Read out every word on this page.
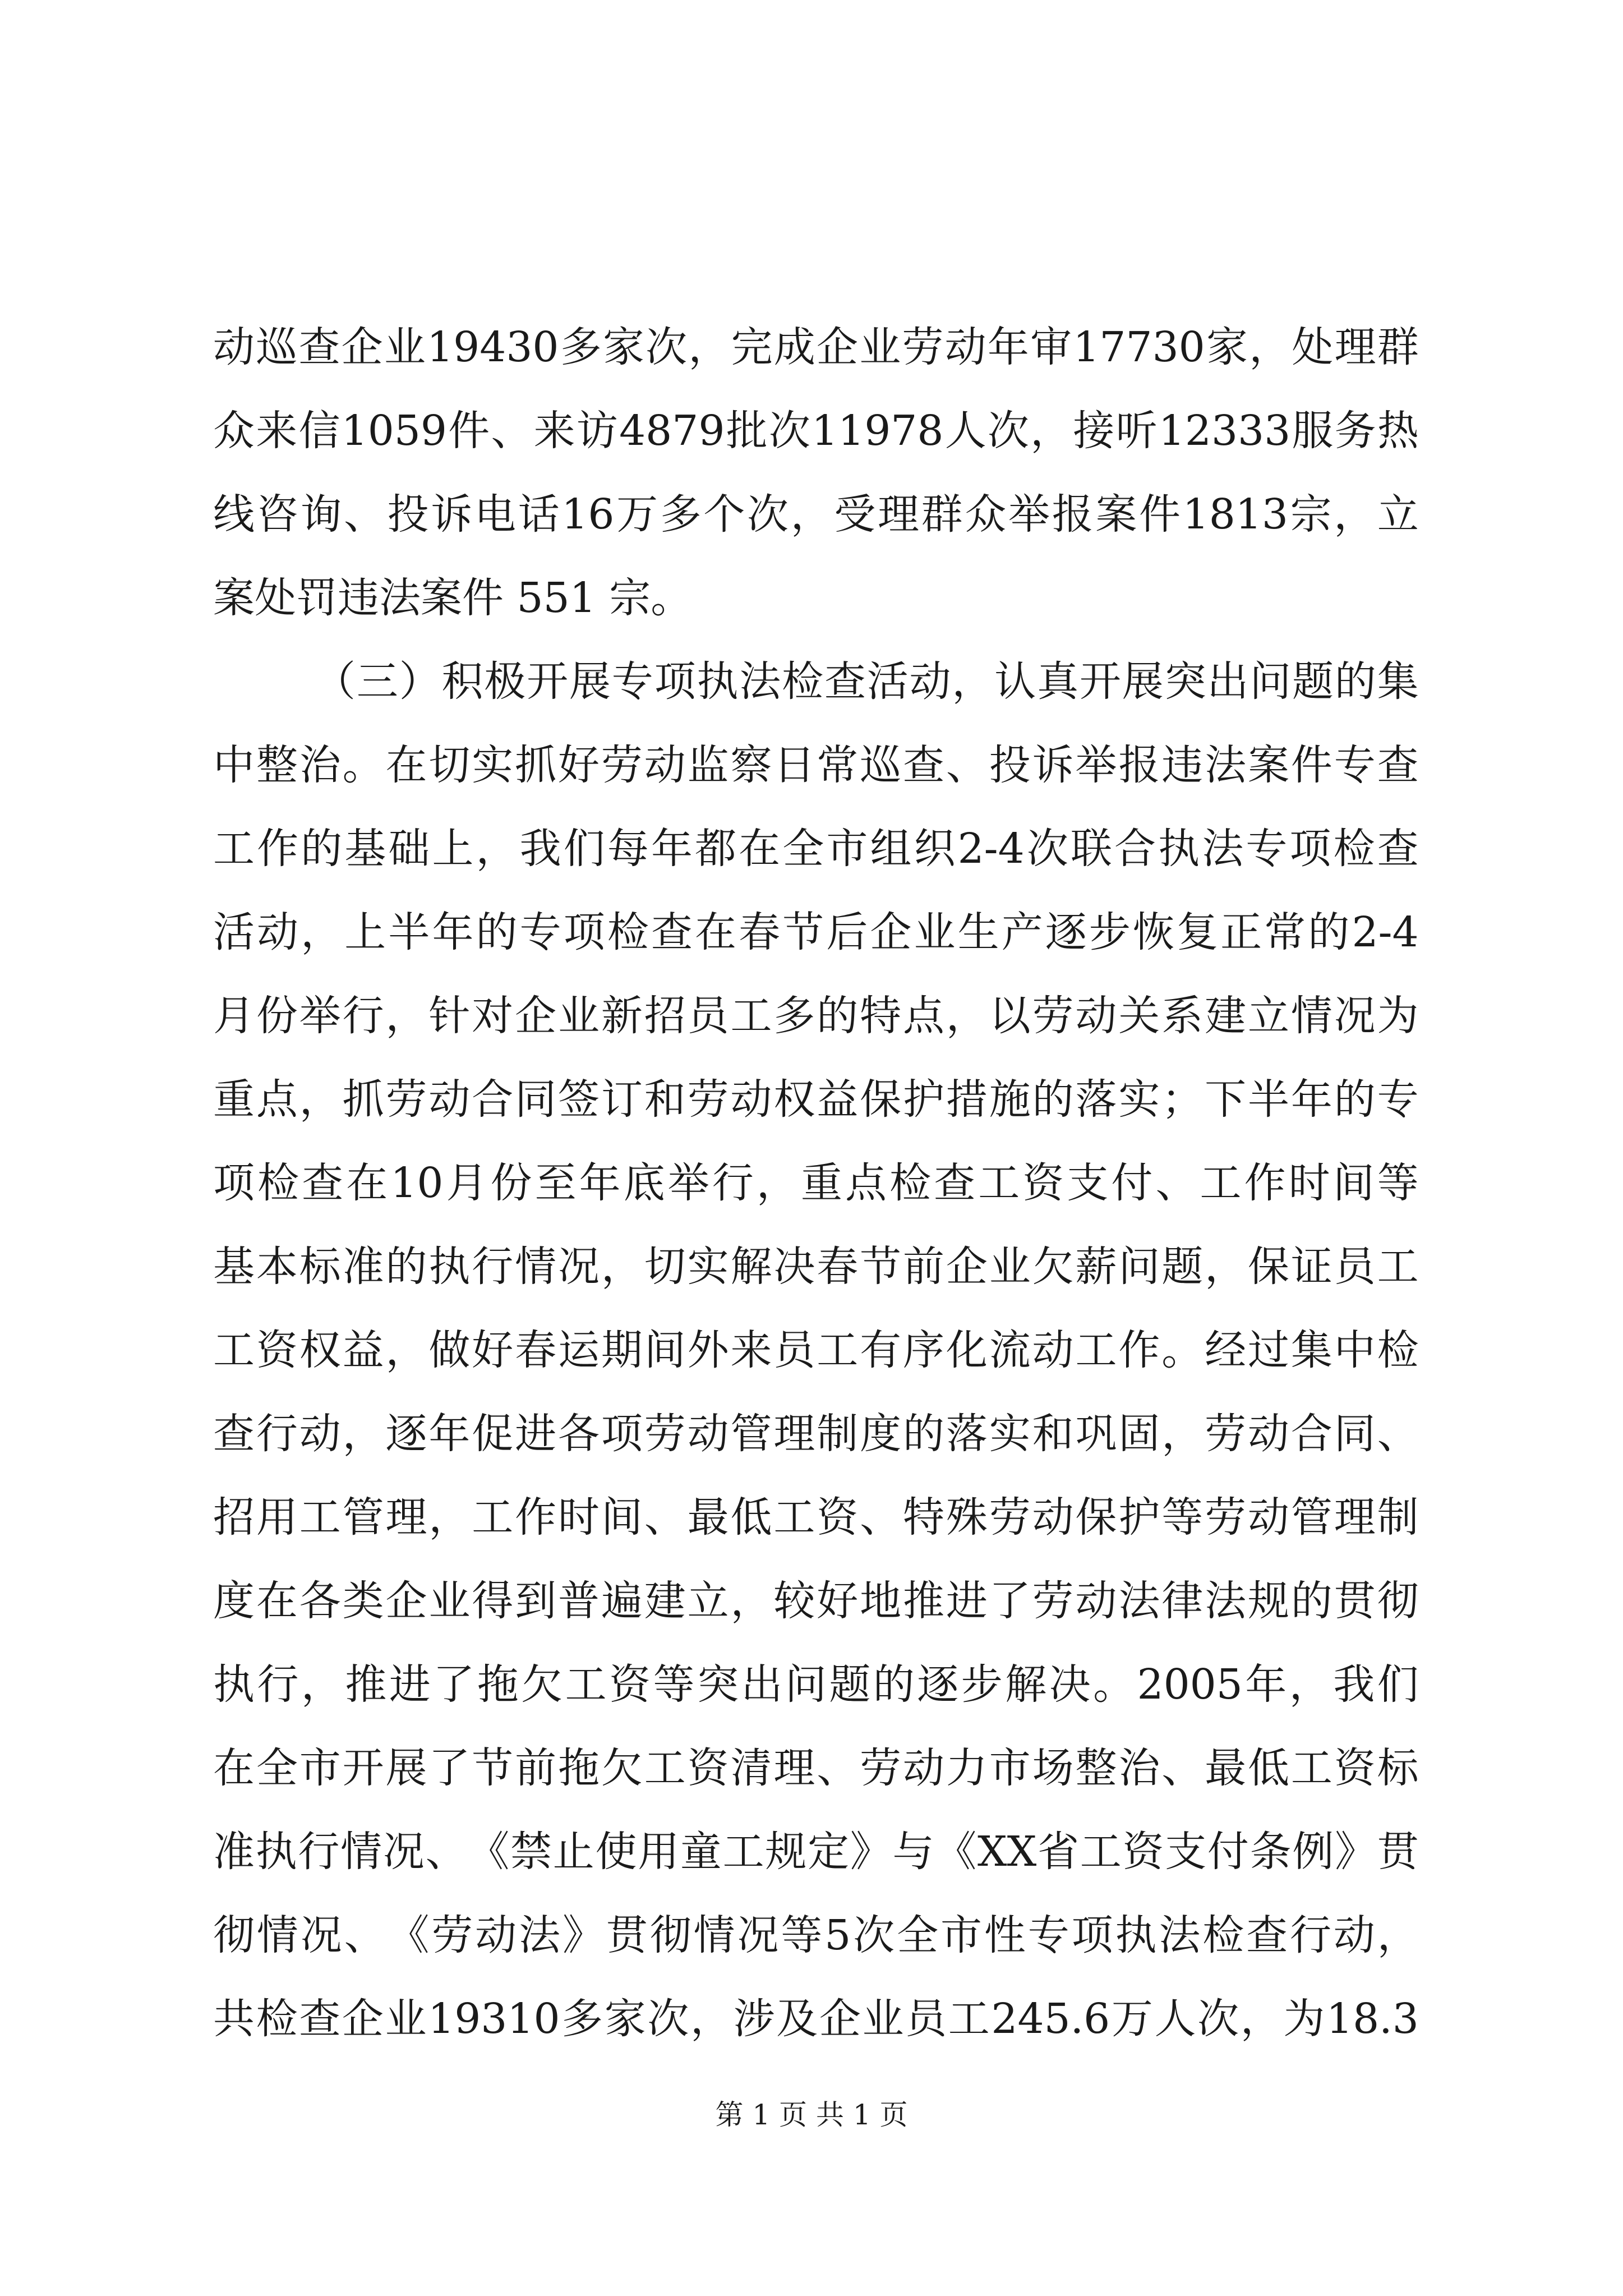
动 巡 查 企 业 19430 多 家 次 ， 完 成 企 业 劳 动 年 审 17730 家 ， 处 理 群
众 来 信 1059 件 、 来 访 4879 批 次 11978 人 次 ， 接 听 12333 服 务 热
线 咨 询 、 投 诉 电 话 16 万 多 个 次 ， 受 理 群 众 举 报 案 件 1813 宗 ， 立
案处罚违法案件 551 宗。
（ 三 ） 积 极 开 展 专 项 执 法 检 查 活 动 ， 认 真 开 展 突 出 问 题 的 集
中 整 治 。 在 切 实 抓 好 劳 动 监 察 日 常 巡 查 、 投 诉 举 报 违 法 案 件 专 查
工 作 的 基 础 上 ， 我 们 每 年 都 在 全 市 组 织 2-4 次 联 合 执 法 专 项 检 查
活 动 ， 上 半 年 的 专 项 检 查 在 春 节 后 企 业 生 产 逐 步 恢 复 正 常 的 2-4
月 份 举 行 ， 针 对 企 业 新 招 员 工 多 的 特 点 ， 以 劳 动 关 系 建 立 情 况 为
重 点 ， 抓 劳 动 合 同 签 订 和 劳 动 权 益 保 护 措 施 的 落 实 ； 下 半 年 的 专
项 检 查 在 10 月 份 至 年 底 举 行 ， 重 点 检 查 工 资 支 付 、 工 作 时 间 等
基 本 标 准 的 执 行 情 况 ， 切 实 解 决 春 节 前 企 业 欠 薪 问 题 ， 保 证 员 工
工 资 权 益 ， 做 好 春 运 期 间 外 来 员 工 有 序 化 流 动 工 作 。 经 过 集 中 检
查 行 动 ， 逐 年 促 进 各 项 劳 动 管 理 制 度 的 落 实 和 巩 固 ， 劳 动 合 同 、
招 用 工 管 理 ， 工 作 时 间 、 最 低 工 资 、 特 殊 劳 动 保 护 等 劳 动 管 理 制
度 在 各 类 企 业 得 到 普 遍 建 立 ， 较 好 地 推 进 了 劳 动 法 律 法 规 的 贯 彻
执 行 ， 推 进 了 拖 欠 工 资 等 突 出 问 题 的 逐 步 解 决 。 2005 年 ， 我 们
在 全 市 开 展 了 节 前 拖 欠 工 资 清 理 、 劳 动 力 市 场 整 治 、 最 低 工 资 标
准 执 行 情 况 、 《 禁 止 使 用 童 工 规 定 》 与 《 XX 省 工 资 支 付 条 例 》 贯
彻 情 况 、 《 劳 动 法 》 贯 彻 情 况 等 5 次 全 市 性 专 项 执 法 检 查 行 动 ，
共 检 查 企 业 19310 多 家 次 ， 涉 及 企 业 员 工 245.6 万 人 次 ， 为 18.3
第 1 页 共 1 页
